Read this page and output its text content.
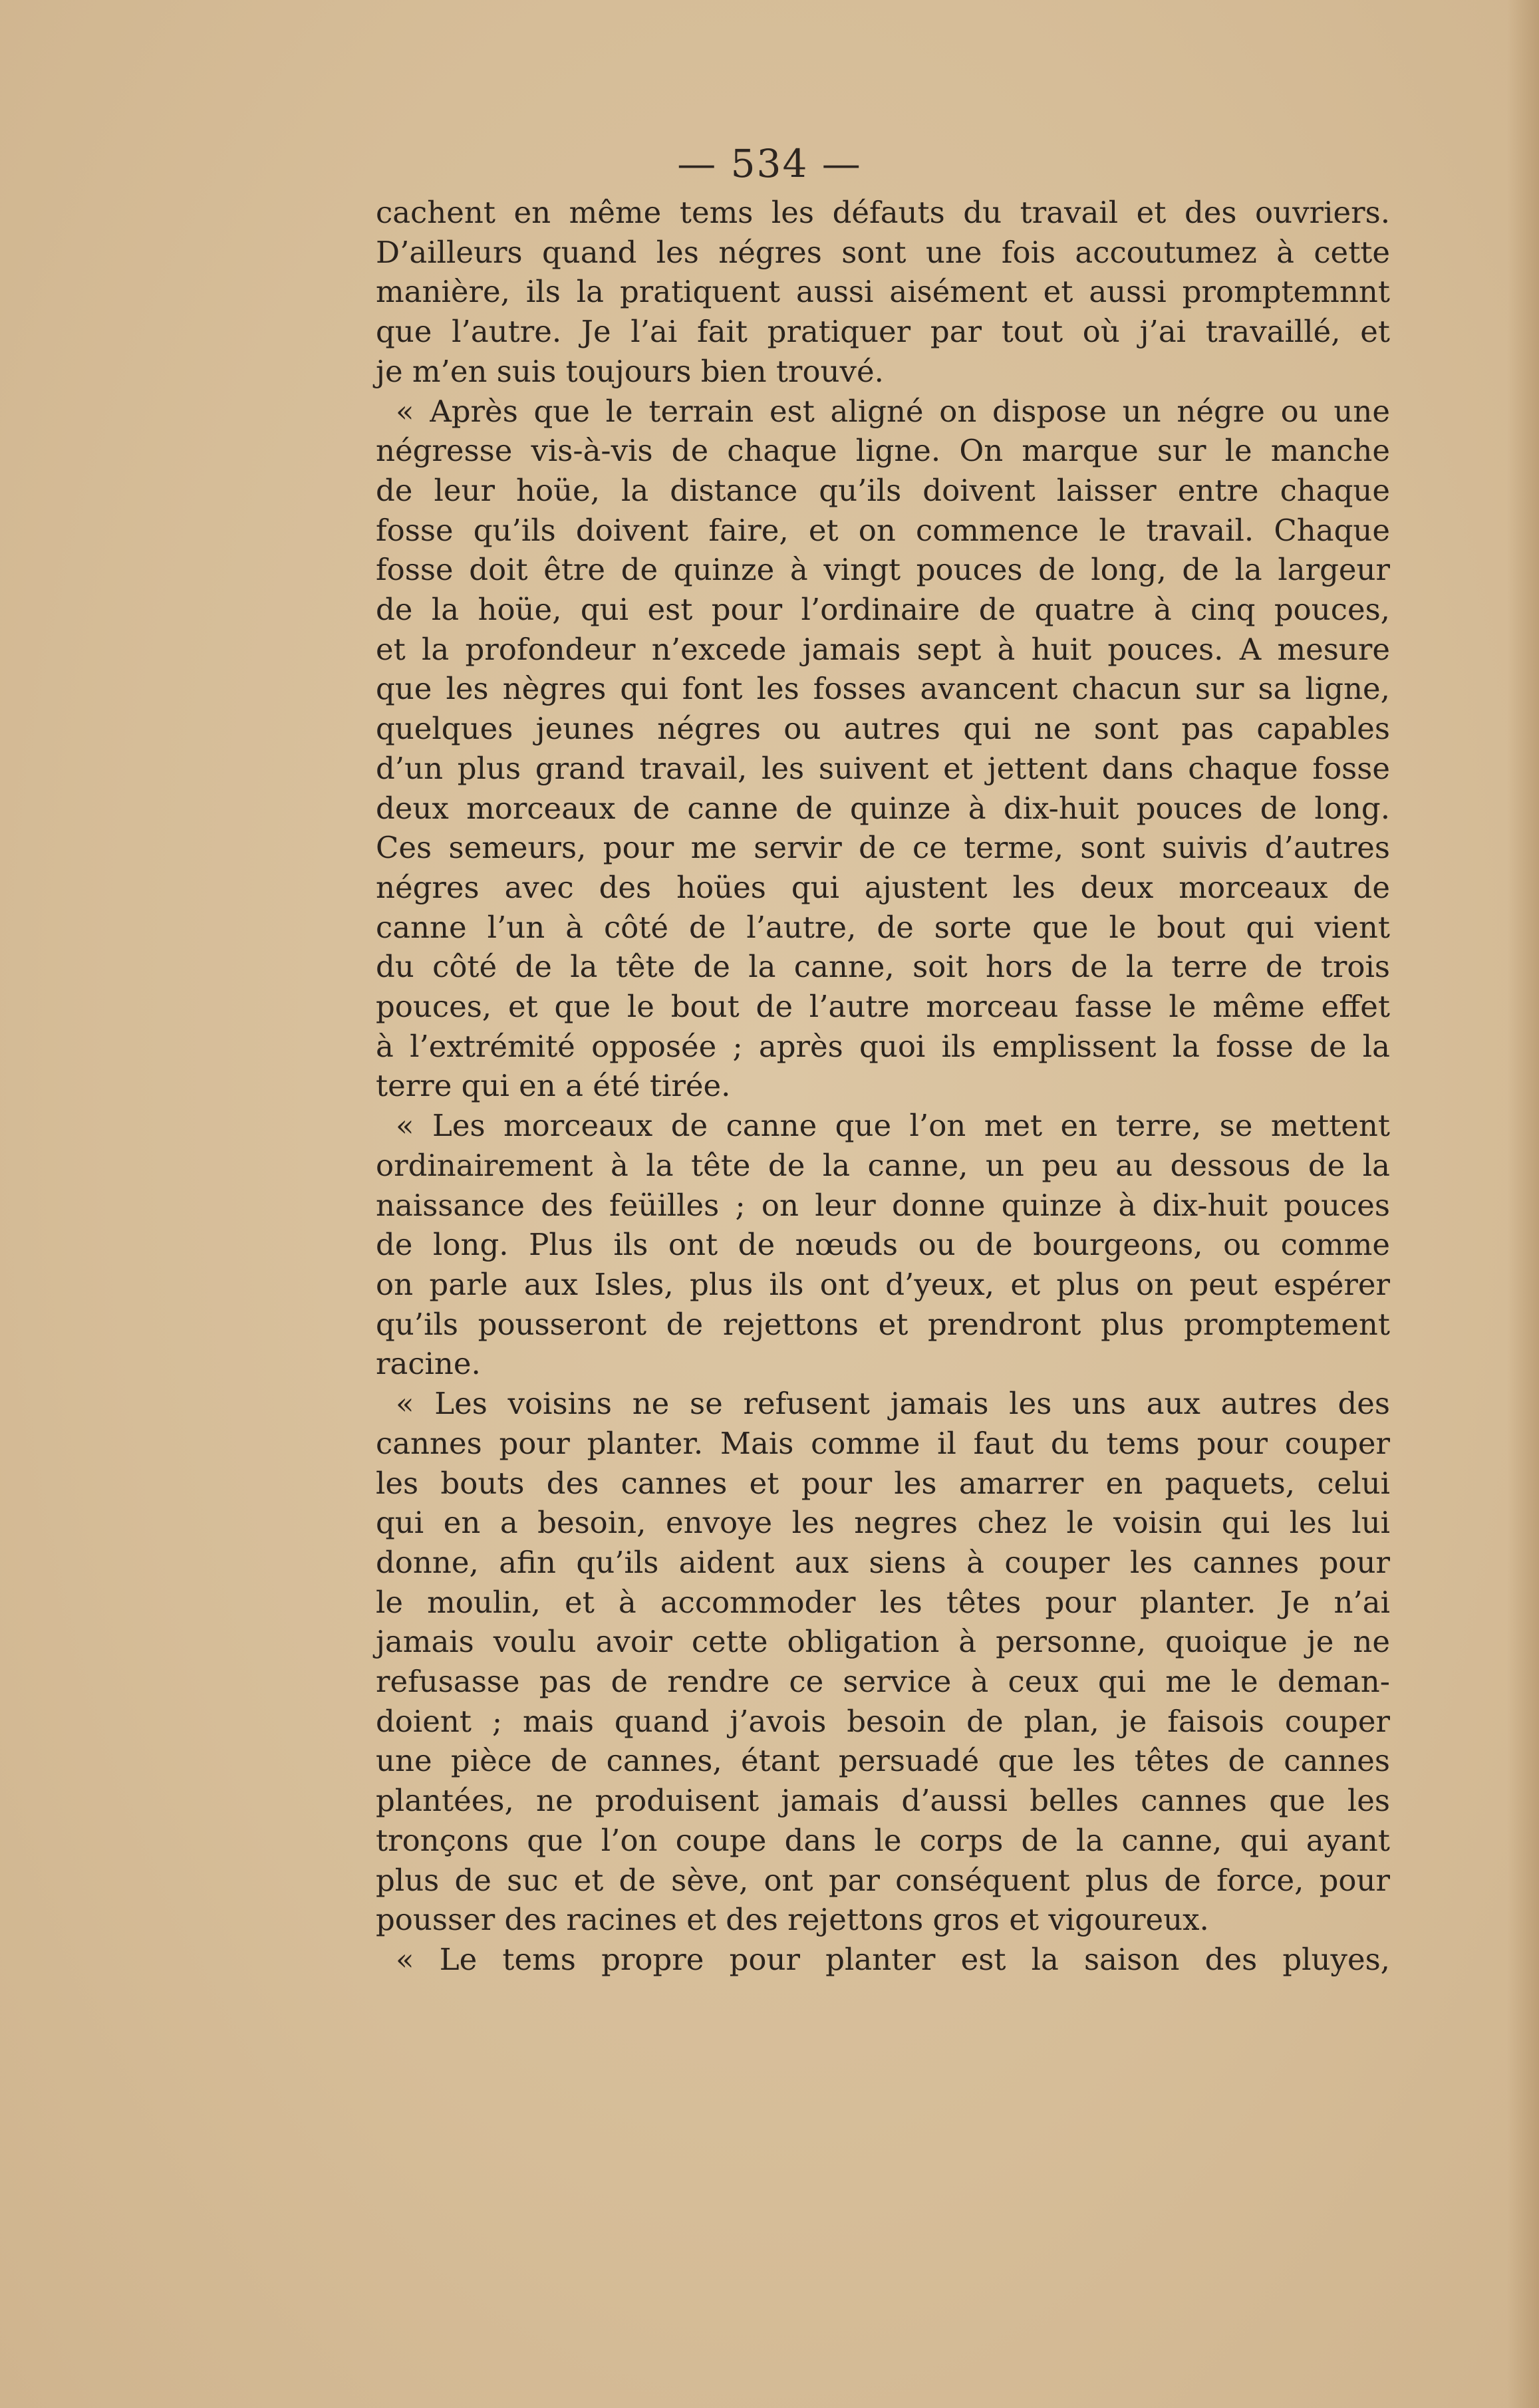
— 534 —
cachent en même tems les défauts du travail et des ouvriers.
D’ailleurs quand les négres sont une fois accoutumez à cette
manière, ils la pratiquent aussi aisément et aussi promptemnnt
que l’autre. Je l’ai fait pratiquer par tout où j’ai travaillé, et
je m’en suis toujours bien trouvé.
« Après que le terrain est aligné on dispose un négre ou une
négresse vis-à-vis de chaque ligne. On marque sur le manche
de leur hoüe, la distance qu’ils doivent laisser entre chaque
fosse qu’ils doivent faire, et on commence le travail. Chaque
fosse doit être de quinze à vingt pouces de long, de la largeur
de la hoüe, qui est pour l’ordinaire de quatre à cinq pouces,
et la profondeur n’excede jamais sept à huit pouces. A mesure
que les nègres qui font les fosses avancent chacun sur sa ligne,
quelques jeunes négres ou autres qui ne sont pas capables
d’un plus grand travail, les suivent et jettent dans chaque fosse
deux morceaux de canne de quinze à dix-huit pouces de long.
Ces semeurs, pour me servir de ce terme, sont suivis d’autres
négres avec des hoües qui ajustent les deux morceaux de
canne l’un à côté de l’autre, de sorte que le bout qui vient
du côté de la tête de la canne, soit hors de la terre de trois
pouces, et que le bout de l’autre morceau fasse le même effet
à l’extrémité opposée ; après quoi ils emplissent la fosse de la
terre qui en a été tirée.
« Les morceaux de canne que l’on met en terre, se mettent
ordinairement à la tête de la canne, un peu au dessous de la
naissance des feüilles ; on leur donne quinze à dix-huit pouces
de long. Plus ils ont de nœuds ou de bourgeons, ou comme
on parle aux Isles, plus ils ont d’yeux, et plus on peut espérer
qu’ils pousseront de rejettons et prendront plus promptement
racine.
« Les voisins ne se refusent jamais les uns aux autres des
cannes pour planter. Mais comme il faut du tems pour couper
les bouts des cannes et pour les amarrer en paquets, celui
qui en a besoin, envoye les negres chez le voisin qui les lui
donne, afin qu’ils aident aux siens à couper les cannes pour
le moulin, et à accommoder les têtes pour planter. Je n’ai
jamais voulu avoir cette obligation à personne, quoique je ne
refusasse pas de rendre ce service à ceux qui me le deman-
doient ; mais quand j’avois besoin de plan, je faisois couper
une pièce de cannes, étant persuadé que les têtes de cannes
plantées, ne produisent jamais d’aussi belles cannes que les
tronçons que l’on coupe dans le corps de la canne, qui ayant
plus de suc et de sève, ont par conséquent plus de force, pour
pousser des racines et des rejettons gros et vigoureux.
« Le tems propre pour planter est la saison des pluyes,
